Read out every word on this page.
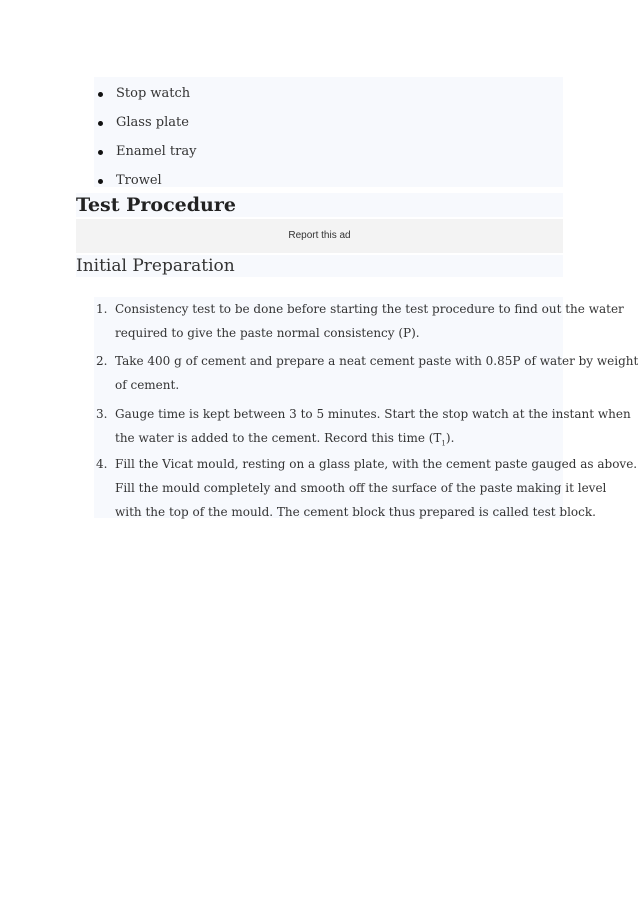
Stop watch
Glass plate
Enamel tray
Trowel
Test Procedure
Report this ad
Initial Preparation
1. Consistency test to be done before starting the test procedure to find out the water
required to give the paste normal consistency (P).
2. Take 400 g of cement and prepare a neat cement paste with 0.85P of water by weight
of cement.
3. Gauge time is kept between 3 to 5 minutes. Start the stop watch at the instant when
the water is added to the cement. Record this time $(T_1)$.
4. Fill the Vicat mould, resting on a glass plate, with the cement paste gauged as above.
Fill the mould completely and smooth off the surface of the paste making it level
with the top of the mould. The cement block thus prepared is called test block.
